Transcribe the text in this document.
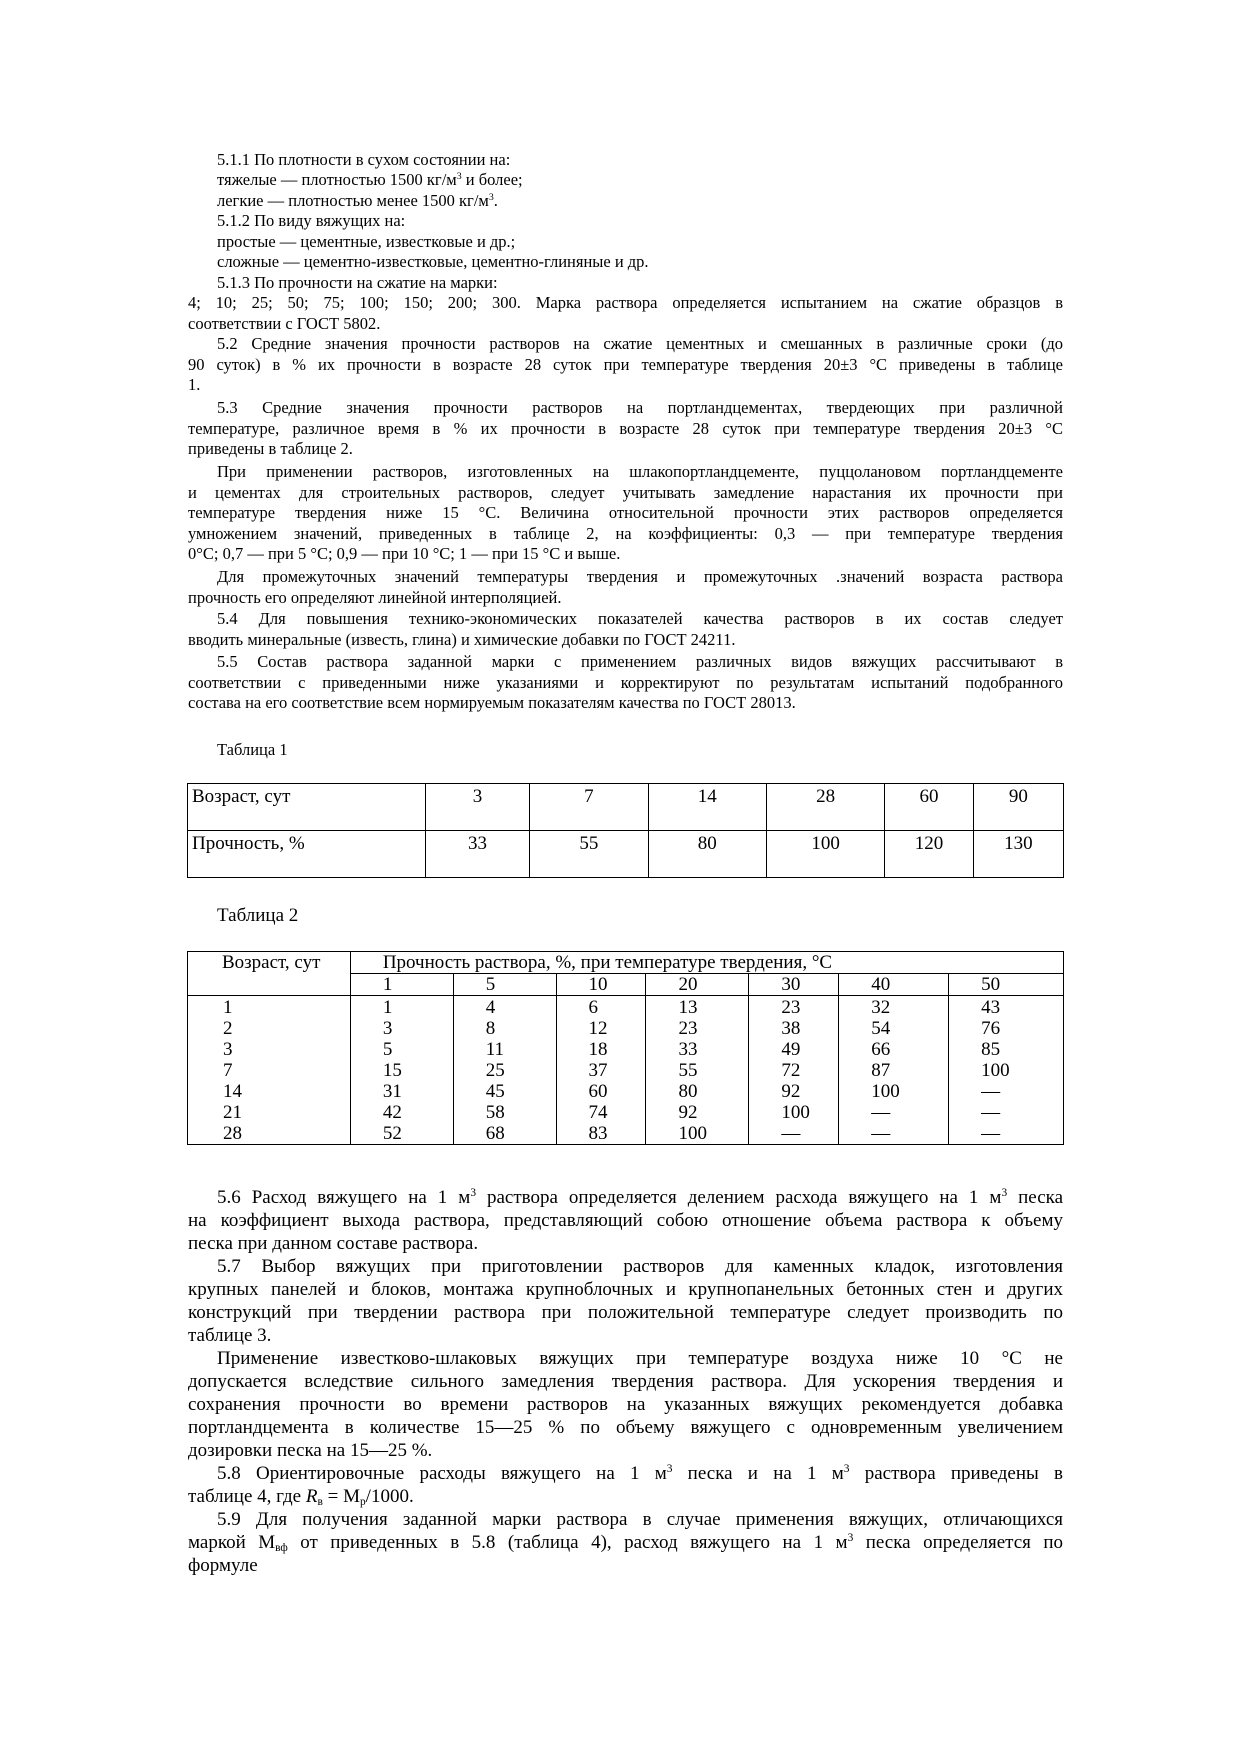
5.1.1 По плотности в сухом состоянии на:
тяжелые — плотностью 1500 $кг/м^3$ и более;
легкие — плотностью менее 1500 $кг/м^3$.
5.1.2 По виду вяжущих на:
простые — цементные, известковые и др.;
сложные — цементно-известковые, цементно-глиняные и др.
5.1.3 По прочности на сжатие на марки:
4; 10; 25; 50; 75; 100; 150; 200; 300. Марка раствора определяется испытанием на сжатие образцов в
соответствии с ГОСТ 5802.
5.2 Средние значения прочности растворов на сжатие цементных и смешанных в различные сроки (до
90 суток) в % их прочности в возрасте 28 суток при температуре твердения 20±3 °С приведены в таблице
1.
5.3 Средние значения прочности растворов на портландцементах, твердеющих при различной
температуре, различное время в % их прочности в возрасте 28 суток при температуре твердения 20±3 °С
приведены в таблице 2.
При применении растворов, изготовленных на шлакопортландцементе, пуццолановом портландцементе
и цементах для строительных растворов, следует учитывать замедление нарастания их прочности при
температуре твердения ниже 15 °С. Величина относительной прочности этих растворов определяется
умножением значений, приведенных в таблице 2, на коэффициенты: 0,3 — при температуре твердения
0°С; 0,7 — при 5 °С; 0,9 — при 10 °С; 1 — при 15 °С и выше.
Для промежуточных значений температуры твердения и промежуточных .значений возраста раствора
прочность его определяют линейной интерполяцией.
5.4 Для повышения технико-экономических показателей качества растворов в их состав следует
вводить минеральные (известь, глина) и химические добавки по ГОСТ 24211.
5.5 Состав раствора заданной марки с применением различных видов вяжущих рассчитывают в
соответствии с приведенными ниже указаниями и корректируют по результатам испытаний подобранного
состава на его соответствие всем нормируемым показателям качества по ГОСТ 28013.
Таблица 1
Возраст, сут	3	7	14	28	60	90
Прочность, %	33	55	80	100	120	130
Таблица 2
Возраст, сут	Прочность раствора, %, при температуре твердения, °С						
	1	5	10	20	30	40	50
1	1	4	6	13	23	32	43
2	3	8	12	23	38	54	76
3	5	11	18	33	49	66	85
7	15	25	37	55	72	87	100
14	31	45	60	80	92	100	—
21	42	58	74	92	100	—	—
28	52	68	83	100	—	—	—
5.6 Расход вяжущего на 1 $м^3$ раствора определяется делением расхода вяжущего на 1 $м^3$ песка
на коэффициент выхода раствора, представляющий собою отношение объема раствора к объему
песка при данном составе раствора.
5.7 Выбор вяжущих при приготовлении растворов для каменных кладок, изготовления
крупных панелей и блоков, монтажа крупноблочных и крупнопанельных бетонных стен и других
конструкций при твердении раствора при положительной температуре следует производить по
таблице 3.
Применение известково-шлаковых вяжущих при температуре воздуха ниже 10 °С не
допускается вследствие сильного замедления твердения раствора. Для ускорения твердения и
сохранения прочности во времени растворов на указанных вяжущих рекомендуется добавка
портландцемента в количестве 15—25 % по объему вяжущего с одновременным увеличением
дозировки песка на 15—25 %.
5.8 Ориентировочные расходы вяжущего на 1 $м^3$ песка и на 1 $м^3$ раствора приведены в
таблице 4, где $R_в = М_р/1000$.
5.9 Для получения заданной марки раствора в случае применения вяжущих, отличающихся
маркой $М_{вф}$ от приведенных в 5.8 (таблица 4), расход вяжущего на 1 $м^3$ песка определяется по
формуле
